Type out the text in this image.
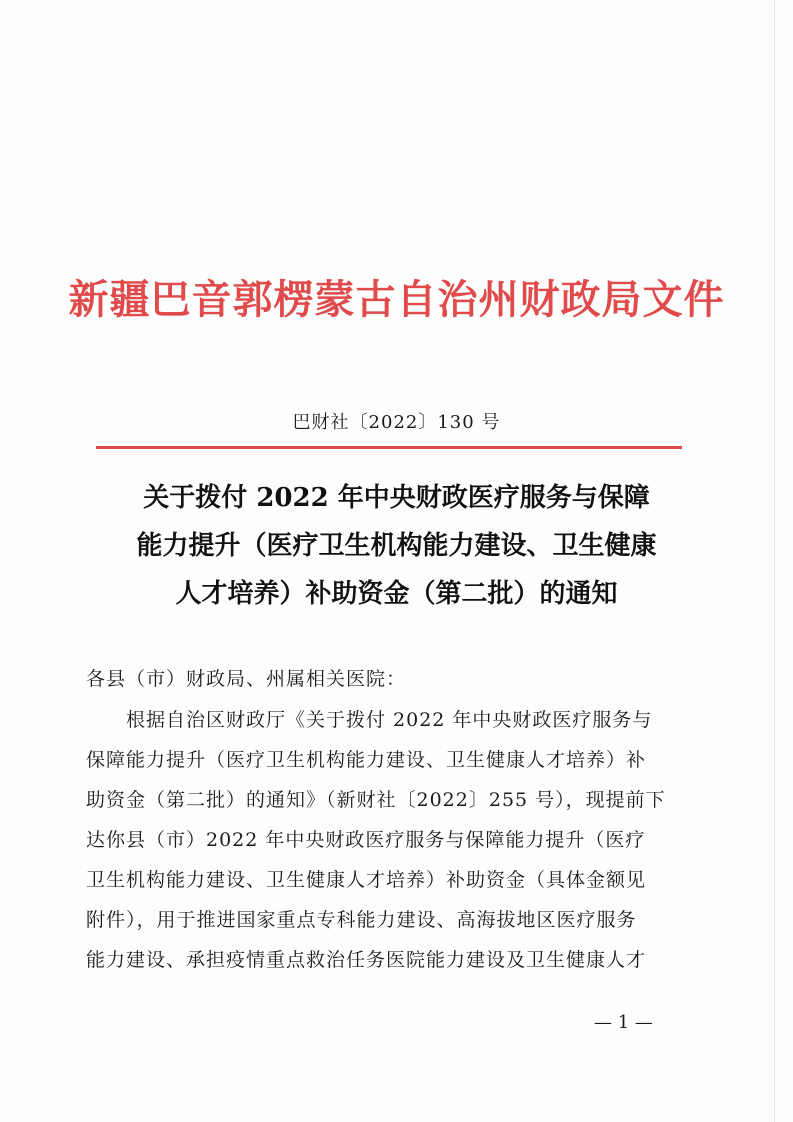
新疆巴音郭楞蒙古自治州财政局文件
巴财社〔2022〕130 号
关于拨付 2022 年中央财政医疗服务与保障
能力提升（医疗卫生机构能力建设、卫生健康
人才培养）补助资金（第二批）的通知
各县（市）财政局、州属相关医院：
根据自治区财政厅《关于拨付 2022 年中央财政医疗服务与
保障能力提升（医疗卫生机构能力建设、卫生健康人才培养）补
助资金（第二批）的通知》（新财社〔2022〕255 号），现提前下
达你县（市）2022 年中央财政医疗服务与保障能力提升（医疗
卫生机构能力建设、卫生健康人才培养）补助资金（具体金额见
附件），用于推进国家重点专科能力建设、高海拔地区医疗服务
能力建设、承担疫情重点救治任务医院能力建设及卫生健康人才
— 1 —
